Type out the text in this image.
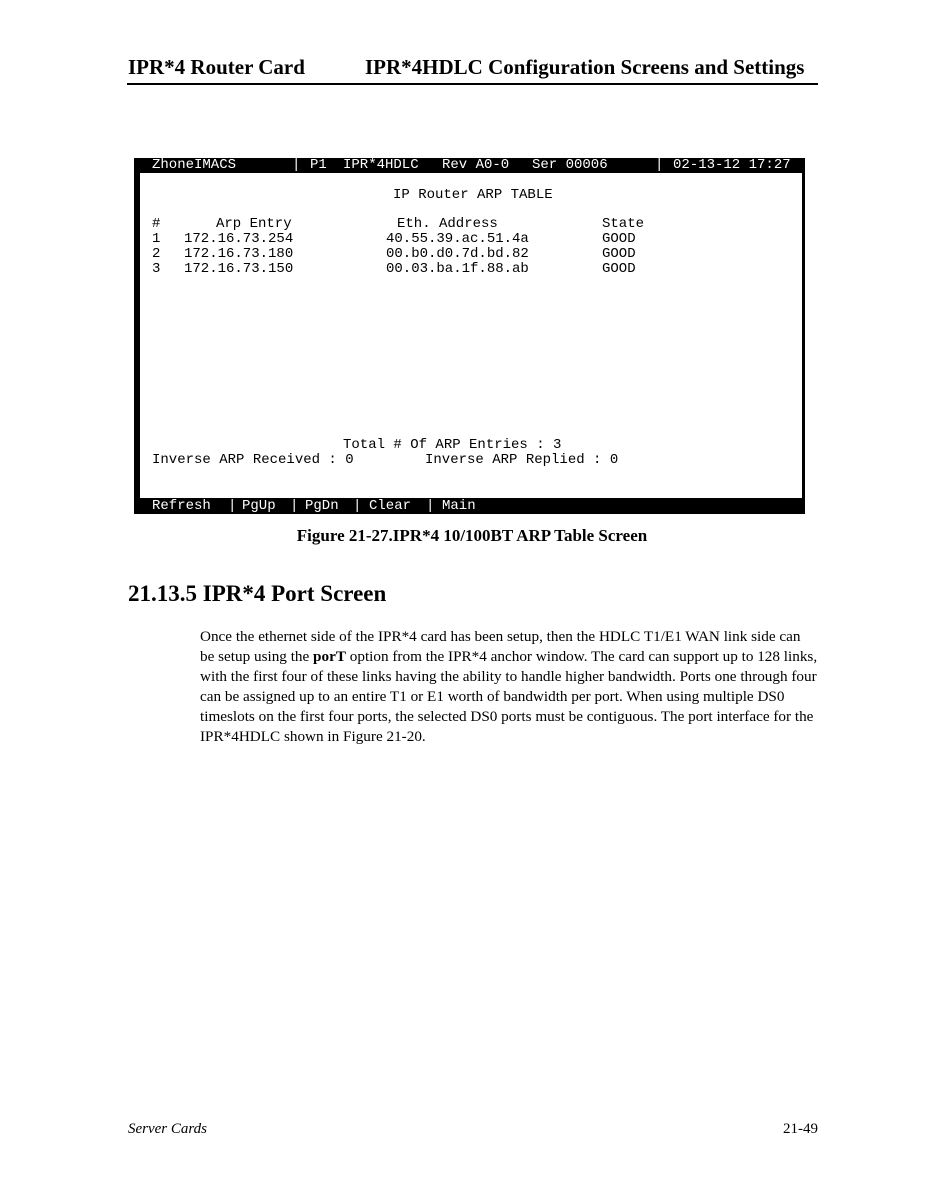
IPR*4 Router Card	IPR*4HDLC Configuration Screens and Settings

ZhoneIMACS

	|

P1

IPR*4HDLC

Rev A0-0

Ser 00006

	|

02-13-12 17:27

IP Router ARP TABLE
#	Arp Entry	Eth. Address	State
1 172.16.73.254	40.55.39.ac.51.4a	GOOD
2 172.16.73.180	00.b0.d0.7d.bd.82	GOOD
3 172.16.73.150	00.03.ba.1f.88.ab	GOOD
Total # Of ARP Entries : 3
Inverse ARP Received : 0	Inverse ARP Replied : 0

Refresh

|

PgUp

|

PgDn

|

Clear

|

Main

Figure 21-27.IPR*4 10/100BT ARP Table Screen
21.13.5 IPR*4 Port Screen

Once the ethernet side of the IPR*4 card has been setup, then the HDLC T1/E1 WAN link side can be setup using the porT option from the IPR*4 anchor window. The card can support up to 128 links, with the first four of these links having the ability to handle higher bandwidth. Ports one through four can be assigned up to an entire T1 or E1 worth of bandwidth per port. When using multiple DS0 timeslots on the first four ports, the selected DS0 ports must be contiguous. The port interface for the IPR*4HDLC shown in Figure 21-20.

Server Cards	21-49
